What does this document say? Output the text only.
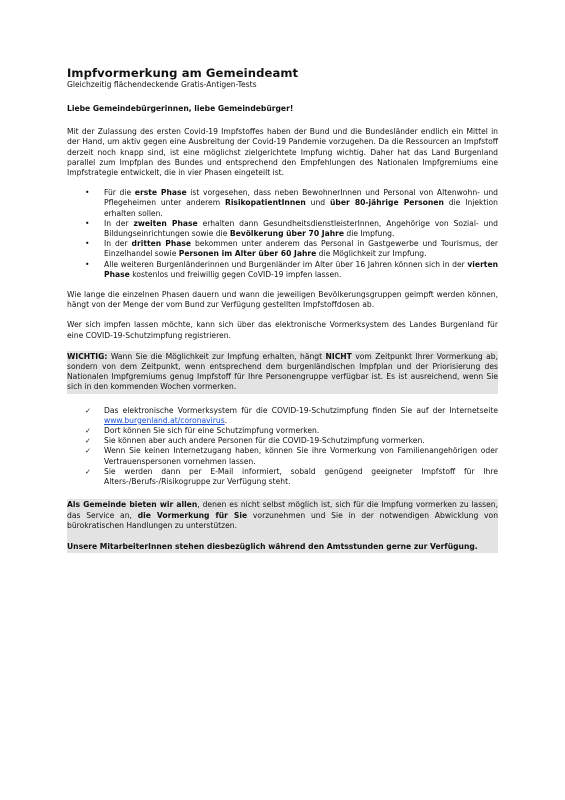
Impfvormerkung am Gemeindeamt
Gleichzeitig flächendeckende Gratis-Antigen-Tests

Liebe Gemeindebürgerinnen, liebe Gemeindebürger!

Mit der Zulassung des ersten Covid-19 Impfstoffes haben der Bund und die Bundesländer endlich ein Mittel in der Hand, um aktiv gegen eine Ausbreitung der Covid-19 Pandemie vorzugehen. Da die Ressourcen an Impfstoff derzeit noch knapp sind, ist eine möglichst zielgerichtete Impfung wichtig. Daher hat das Land Burgenland parallel zum Impfplan des Bundes und entsprechend den Empfehlungen des Nationalen Impfgremiums eine Impfstrategie entwickelt, die in vier Phasen eingeteilt ist.

• Für die erste Phase ist vorgesehen, dass neben BewohnerInnen und Personal von Altenwohn- und Pflegeheimen unter anderem RisikopatientInnen und über 80-jährige Personen die Injektion erhalten sollen.
• In der zweiten Phase erhalten dann GesundheitsdienstleisterInnen, Angehörige von Sozial- und Bildungseinrichtungen sowie die Bevölkerung über 70 Jahre die Impfung.
• In der dritten Phase bekommen unter anderem das Personal in Gastgewerbe und Tourismus, der Einzelhandel sowie Personen im Alter über 60 Jahre die Möglichkeit zur Impfung.
• Alle weiteren Burgenländerinnen und Burgenländer im Alter über 16 Jahren können sich in der vierten Phase kostenlos und freiwillig gegen CoVID-19 impfen lassen.

Wie lange die einzelnen Phasen dauern und wann die jeweiligen Bevölkerungsgruppen geimpft werden können, hängt von der Menge der vom Bund zur Verfügung gestellten Impfstoffdosen ab.

Wer sich impfen lassen möchte, kann sich über das elektronische Vormerksystem des Landes Burgenland für eine COVID-19-Schutzimpfung registrieren.

WICHTIG: Wann Sie die Möglichkeit zur Impfung erhalten, hängt NICHT vom Zeitpunkt Ihrer Vormerkung ab, sondern von dem Zeitpunkt, wenn entsprechend dem burgenländischen Impfplan und der Priorisierung des Nationalen Impfgremiums genug Impfstoff für Ihre Personengruppe verfügbar ist. Es ist ausreichend, wenn Sie sich in den kommenden Wochen vormerken.

✓ Das elektronische Vormerksystem für die COVID-19-Schutzimpfung finden Sie auf der Internetseite www.burgenland.at/coronavirus.
✓ Dort können Sie sich für eine Schutzimpfung vormerken.
✓ Sie können aber auch andere Personen für die COVID-19-Schutzimpfung vormerken.
✓ Wenn Sie keinen Internetzugang haben, können Sie ihre Vormerkung von Familienangehörigen oder Vertrauenspersonen vornehmen lassen.
✓ Sie werden dann per E-Mail informiert, sobald genügend geeigneter Impfstoff für Ihre Alters-/Berufs-/Risikogruppe zur Verfügung steht.

Als Gemeinde bieten wir allen, denen es nicht selbst möglich ist, sich für die Impfung vormerken zu lassen, das Service an, die Vormerkung für Sie vorzunehmen und Sie in der notwendigen Abwicklung von bürokratischen Handlungen zu unterstützen.

Unsere MitarbeiterInnen stehen diesbezüglich während den Amtsstunden gerne zur Verfügung.
